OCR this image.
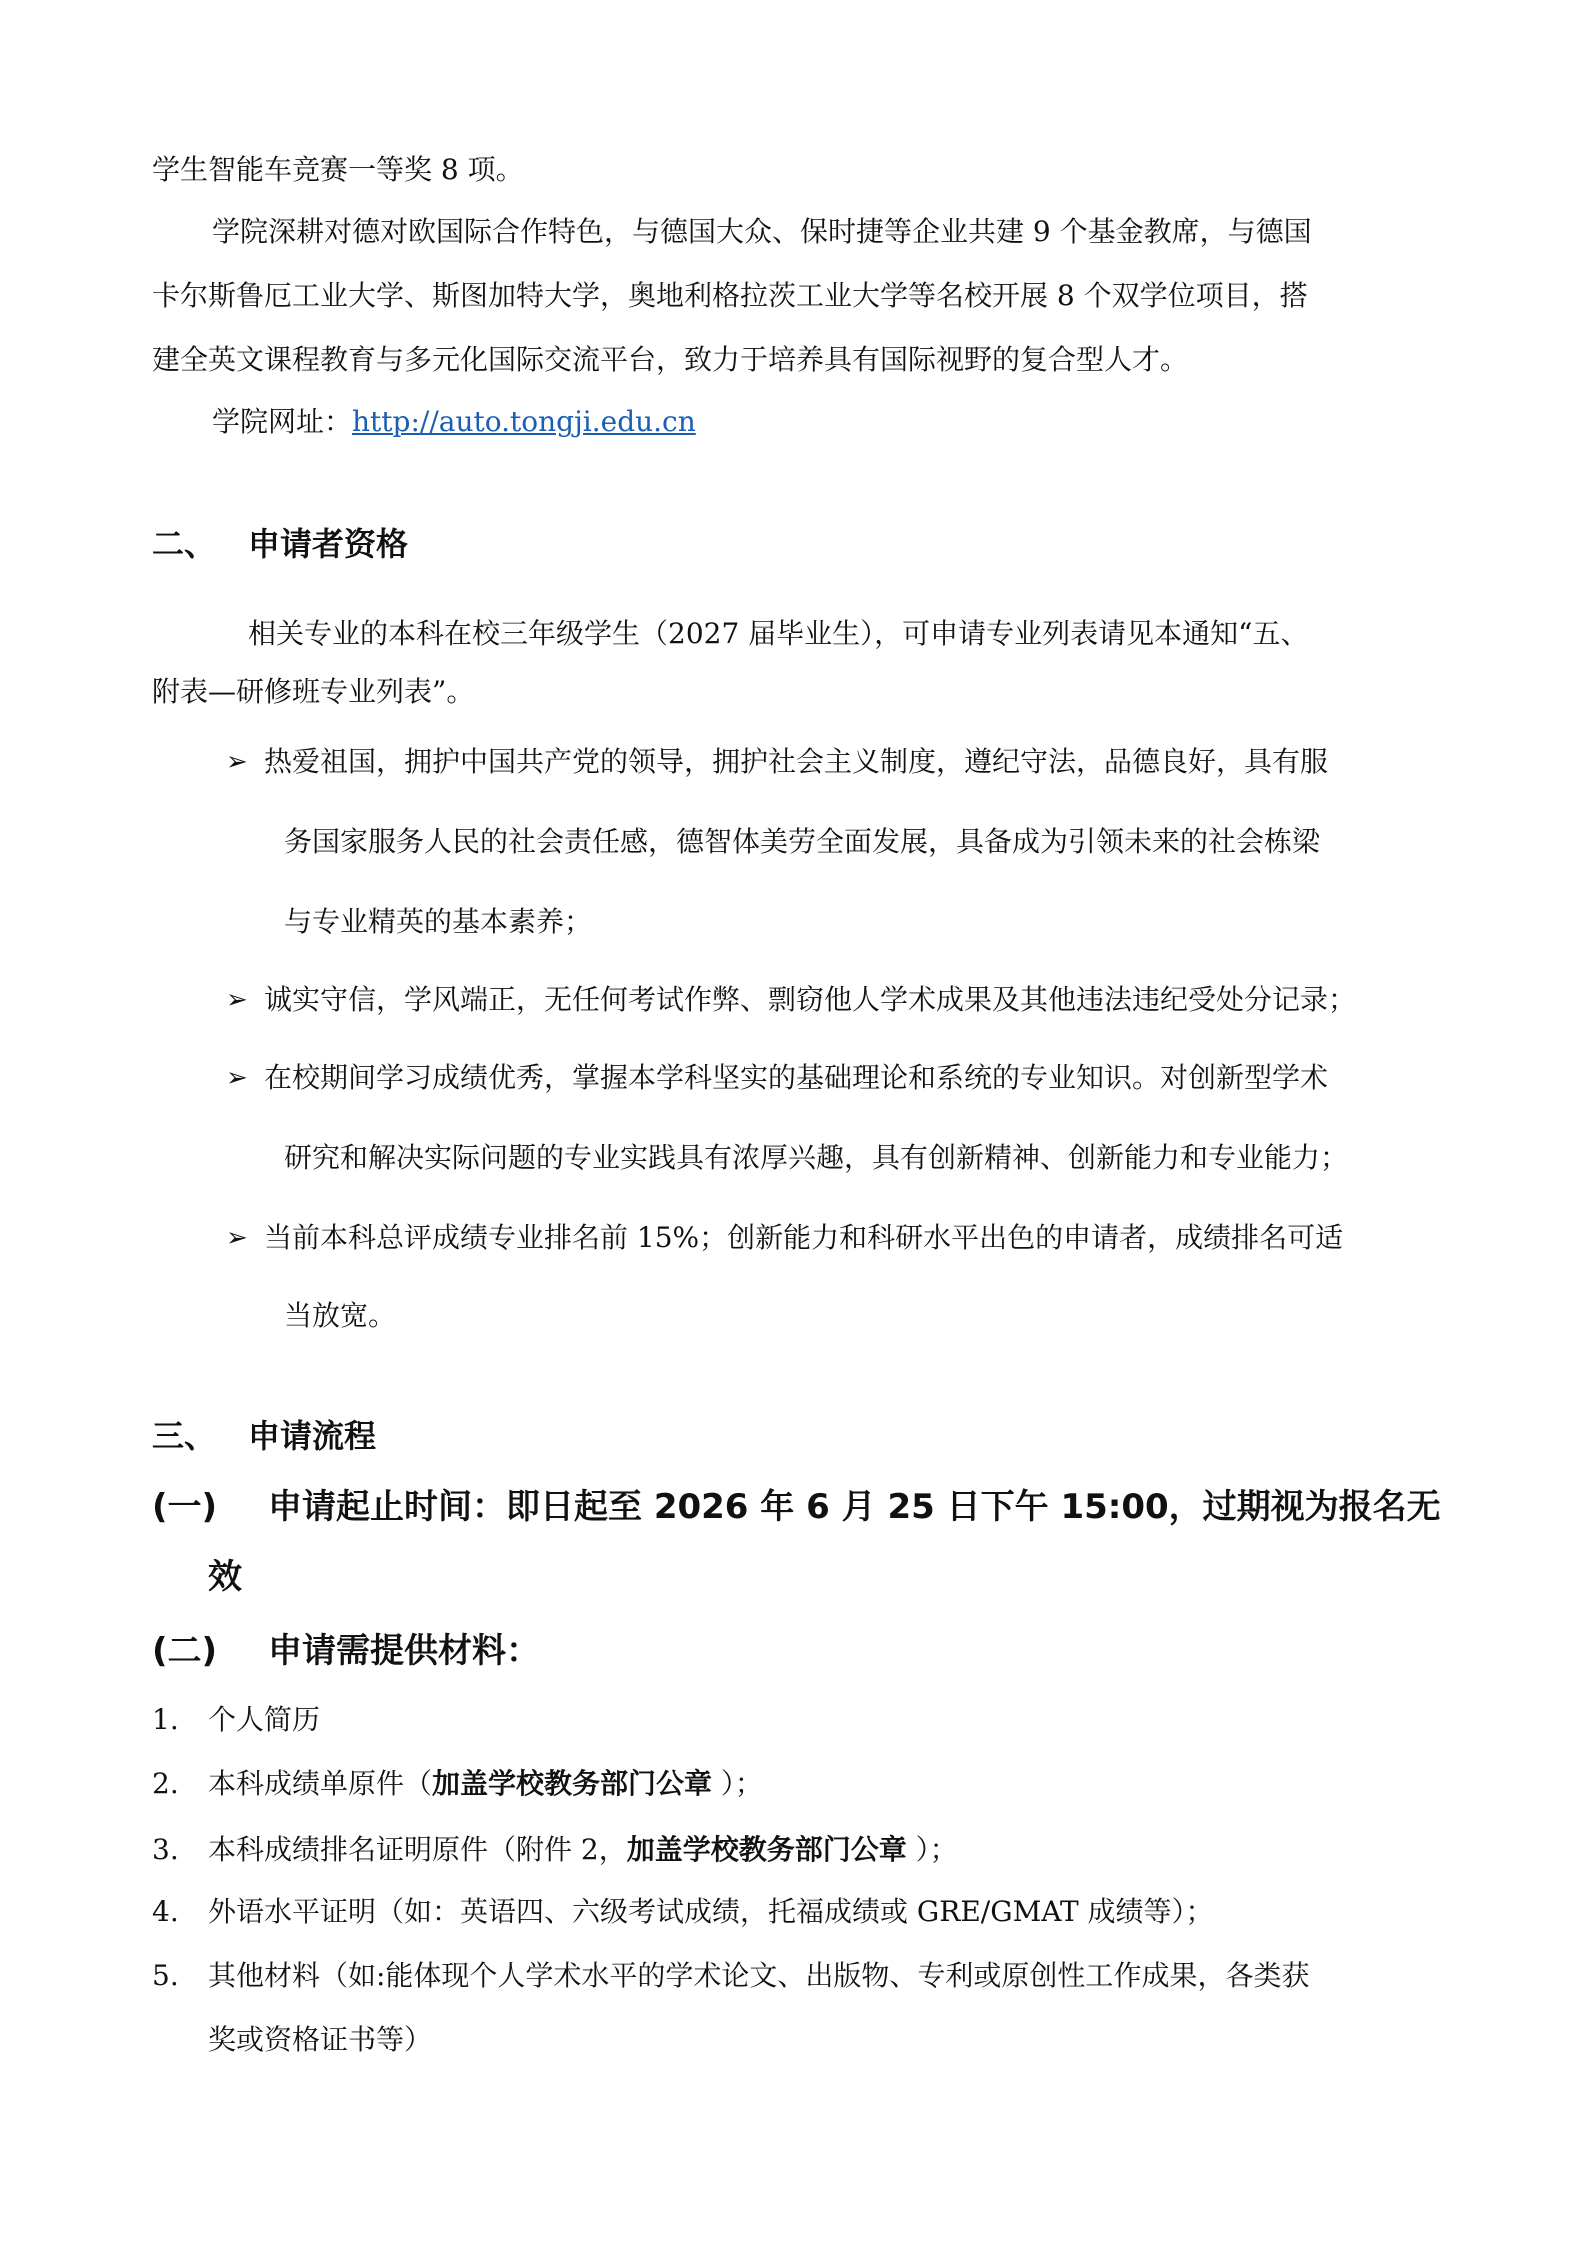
学生智能车竞赛一等奖 8 项。
学院深耕对德对欧国际合作特色，与德国大众、保时捷等企业共建 9 个基金教席，与德国
卡尔斯鲁厄工业大学、斯图加特大学，奥地利格拉茨工业大学等名校开展 8 个双学位项目，搭
建全英文课程教育与多元化国际交流平台，致力于培养具有国际视野的复合型人才。
学院网址：http://auto.tongji.edu.cn
二、 申请者资格
相关专业的本科在校三年级学生（2027 届毕业生），可申请专业列表请见本通知“五、
附表—研修班专业列表”。
➢ 热爱祖国，拥护中国共产党的领导，拥护社会主义制度，遵纪守法，品德良好，具有服
务国家服务人民的社会责任感，德智体美劳全面发展，具备成为引领未来的社会栋梁
与专业精英的基本素养；
➢ 诚实守信，学风端正，无任何考试作弊、剽窃他人学术成果及其他违法违纪受处分记录；
➢ 在校期间学习成绩优秀，掌握本学科坚实的基础理论和系统的专业知识。对创新型学术
研究和解决实际问题的专业实践具有浓厚兴趣，具有创新精神、创新能力和专业能力；
➢ 当前本科总评成绩专业排名前 15%；创新能力和科研水平出色的申请者，成绩排名可适
当放宽。
三、 申请流程
(一) 申请起止时间：即日起至 2026 年 6 月 25 日下午 15:00，过期视为报名无
效
(二) 申请需提供材料：
1. 个人简历
2. 本科成绩单原件（加盖学校教务部门公章 ）；
3. 本科成绩排名证明原件（附件 2，加盖学校教务部门公章 ）；
4. 外语水平证明（如：英语四、六级考试成绩，托福成绩或 GRE/GMAT 成绩等）；
5. 其他材料（如:能体现个人学术水平的学术论文、出版物、专利或原创性工作成果，各类获
奖或资格证书等）
